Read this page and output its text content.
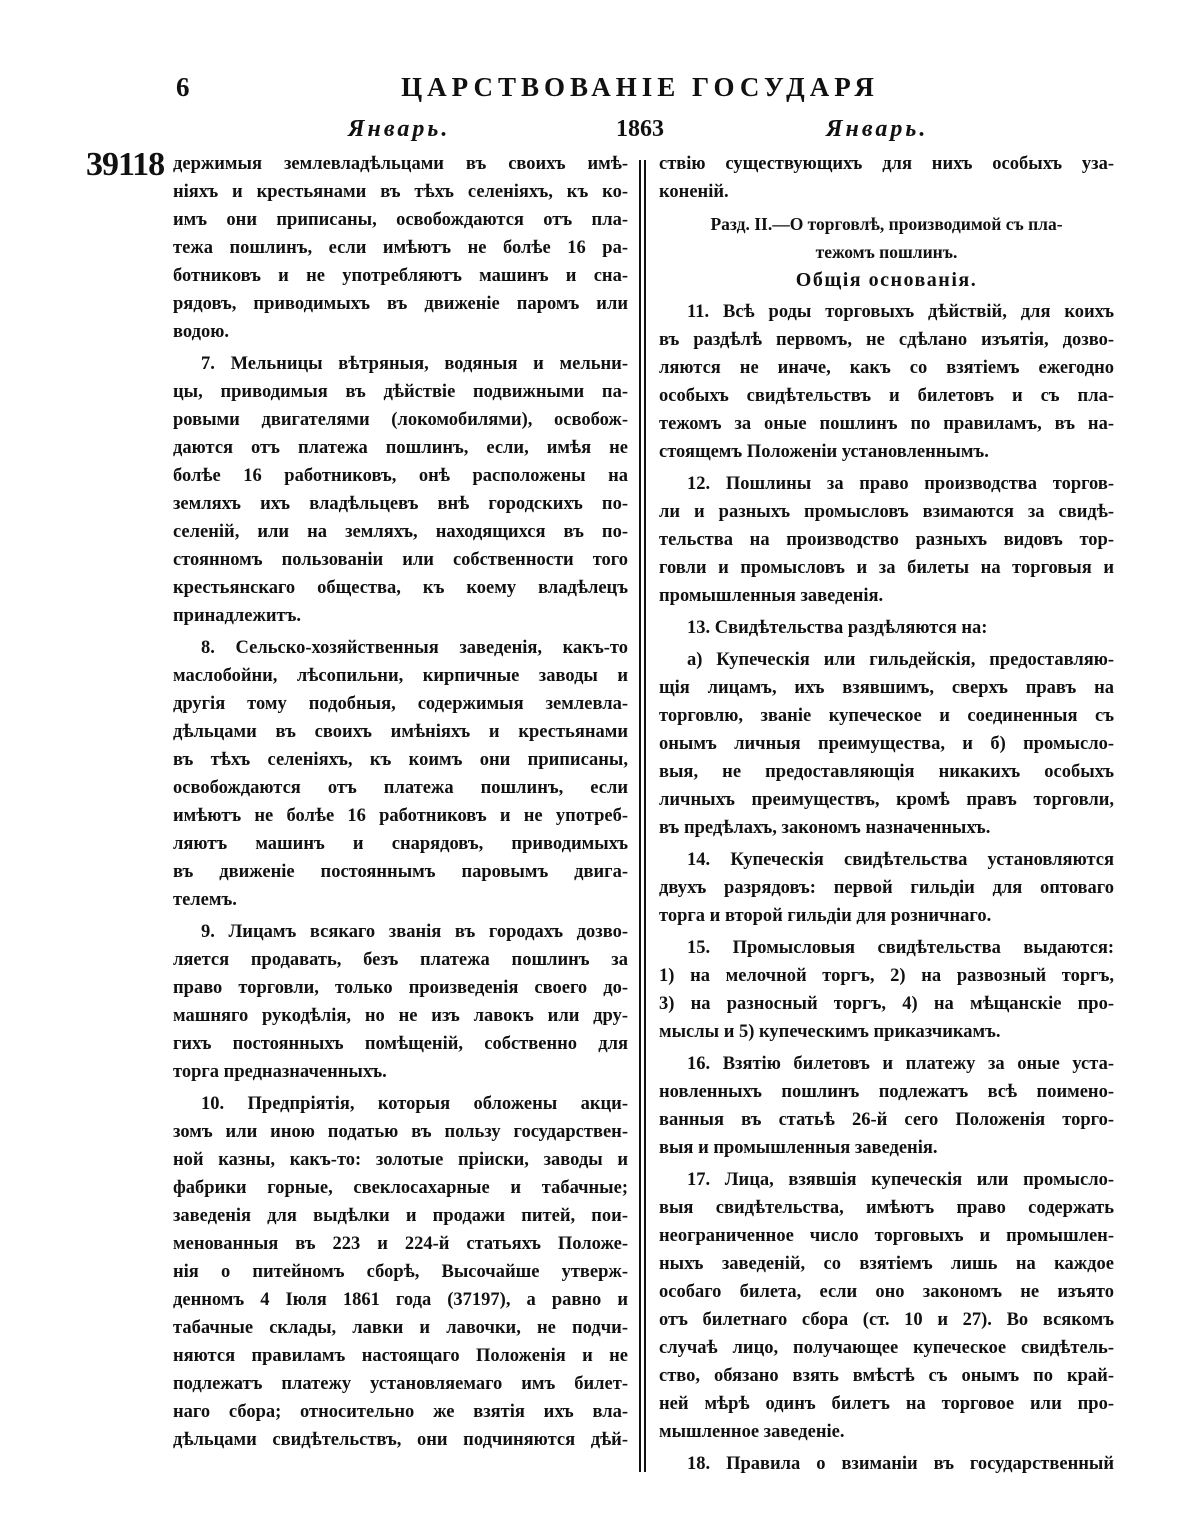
6	ЦАРСТВОВАНІЕ ГОСУДАРЯ
Январь.	1863	Январь.
39118 держимыя землевладѣльцами въ своихъ имѣ-
ніяхъ и крестьянами въ тѣхъ селеніяхъ, къ ко-
имъ они приписаны, освобождаются отъ пла-
тежа пошлинъ, если имѣютъ не болѣе 16 ра-
ботниковъ и не употребляютъ машинъ и сна-
рядовъ, приводимыхъ въ движеніе паромъ или
водою.
7. Мельницы вѣтряныя, водяныя и мельни-
цы, приводимыя въ дѣйствіе подвижными па-
ровыми двигателями (локомобилями), освобож-
даются отъ платежа пошлинъ, если, имѣя не
болѣе 16 работниковъ, онѣ расположены на
земляхъ ихъ владѣльцевъ внѣ городскихъ по-
селеній, или на земляхъ, находящихся въ по-
стоянномъ пользованіи или собственности того
крестьянскаго общества, къ коему владѣлецъ
принадлежитъ.
8. Сельско-хозяйственныя заведенія, какъ-то
маслобойни, лѣсопильни, кирпичные заводы и
другія тому подобныя, содержимыя землевла-
дѣльцами въ своихъ имѣніяхъ и крестьянами
въ тѣхъ селеніяхъ, къ коимъ они приписаны,
освобождаются отъ платежа пошлинъ, если
имѣютъ не болѣе 16 работниковъ и не употреб-
ляютъ машинъ и снарядовъ, приводимыхъ
въ движеніе постояннымъ паровымъ двига-
телемъ.
9. Лицамъ всякаго званія въ городахъ дозво-
ляется продавать, безъ платежа пошлинъ за
право торговли, только произведенія своего до-
машняго рукодѣлія, но не изъ лавокъ или дру-
гихъ постоянныхъ помѣщеній, собственно для
торга предназначенныхъ.
10. Предпріятія, которыя обложены акци-
зомъ или иною податью въ пользу государствен-
ной казны, какъ-то: золотые пріиски, заводы и
фабрики горные, свеклосахарные и табачные;
заведенія для выдѣлки и продажи питей, пои-
менованныя въ 223 и 224-й статьяхъ Положе-
нія о питейномъ сборѣ, Высочайше утверж-
денномъ 4 Іюля 1861 года (37197), а равно и
табачные склады, лавки и лавочки, не подчи-
няются правиламъ настоящаго Положенія и не
подлежатъ платежу установляемаго имъ билет-
наго сбора; относительно же взятія ихъ вла-
дѣльцами свидѣтельствъ, они подчиняются дѣй-
ствію существующихъ для нихъ особыхъ уза-
коненій.
Разд. II.—О торговлѣ, производимой съ пла-
тежомъ пошлинъ.
Общія основанія.
11. Всѣ роды торговыхъ дѣйствій, для коихъ
въ раздѣлѣ первомъ, не сдѣлано изъятія, дозво-
ляются не иначе, какъ со взятіемъ ежегодно
особыхъ свидѣтельствъ и билетовъ и съ пла-
тежомъ за оные пошлинъ по правиламъ, въ на-
стоящемъ Положеніи установленнымъ.
12. Пошлины за право производства торгов-
ли и разныхъ промысловъ взимаются за свидѣ-
тельства на производство разныхъ видовъ тор-
говли и промысловъ и за билеты на торговыя и
промышленныя заведенія.
13. Свидѣтельства раздѣляются на:
а) Купеческія или гильдейскія, предоставляю-
щія лицамъ, ихъ взявшимъ, сверхъ правъ на
торговлю, званіе купеческое и соединенныя съ
онымъ личныя преимущества, и б) промысло-
выя, не предоставляющія никакихъ особыхъ
личныхъ преимуществъ, кромѣ правъ торговли,
въ предѣлахъ, закономъ назначенныхъ.
14. Купеческія свидѣтельства установляются
двухъ разрядовъ: первой гильдіи для оптоваго
торга и второй гильдіи для розничнаго.
15. Промысловыя свидѣтельства выдаются:
1) на мелочной торгъ, 2) на развозный торгъ,
3) на разносный торгъ, 4) на мѣщанскіе про-
мыслы и 5) купеческимъ приказчикамъ.
16. Взятію билетовъ и платежу за оные уста-
новленныхъ пошлинъ подлежатъ всѣ поимено-
ванныя въ статьѣ 26-й сего Положенія торго-
выя и промышленныя заведенія.
17. Лица, взявшія купеческія или промысло-
выя свидѣтельства, имѣютъ право содержать
неограниченное число торговыхъ и промышлен-
ныхъ заведеній, со взятіемъ лишь на каждое
особаго билета, если оно закономъ не изъято
отъ билетнаго сбора (ст. 10 и 27). Во всякомъ
случаѣ лицо, получающее купеческое свидѣтель-
ство, обязано взять вмѣстѣ съ онымъ по край-
ней мѣрѣ одинъ билетъ на торговое или про-
мышленное заведеніе.
18. Правила о взиманіи въ государственный
